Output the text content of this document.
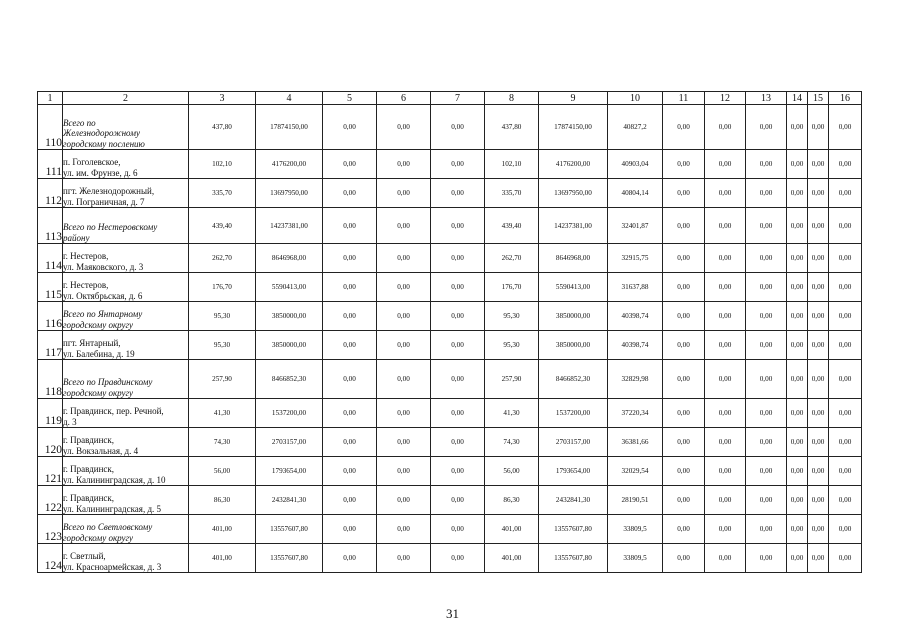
1	2	3	4	5	6	7	8	9	10	11	12	13	14	15	16
110	Всего по
Железнодорожному
городскому послению	437,80	17874150,00	0,00	0,00	0,00	437,80	17874150,00	40827,2	0,00	0,00	0,00	0,00	0,00	0,00
111	п. Гоголевское,
ул. им. Фрунзе, д. 6	102,10	4176200,00	0,00	0,00	0,00	102,10	4176200,00	40903,04	0,00	0,00	0,00	0,00	0,00	0,00
112	пгт. Железнодорожный,
ул. Пограничная, д. 7	335,70	13697950,00	0,00	0,00	0,00	335,70	13697950,00	40804,14	0,00	0,00	0,00	0,00	0,00	0,00
113	Всего по Нестеровскому
району	439,40	14237381,00	0,00	0,00	0,00	439,40	14237381,00	32401,87	0,00	0,00	0,00	0,00	0,00	0,00
114	г. Нестеров,
ул. Маяковского, д. 3	262,70	8646968,00	0,00	0,00	0,00	262,70	8646968,00	32915,75	0,00	0,00	0,00	0,00	0,00	0,00
115	г. Нестеров,
ул. Октябрьская, д. 6	176,70	5590413,00	0,00	0,00	0,00	176,70	5590413,00	31637,88	0,00	0,00	0,00	0,00	0,00	0,00
116	Всего по Янтарному
городскому округу	95,30	3850000,00	0,00	0,00	0,00	95,30	3850000,00	40398,74	0,00	0,00	0,00	0,00	0,00	0,00
117	пгт. Янтарный,
ул. Балебина, д. 19	95,30	3850000,00	0,00	0,00	0,00	95,30	3850000,00	40398,74	0,00	0,00	0,00	0,00	0,00	0,00
118	Всего по Правдинскому
городскому округу	257,90	8466852,30	0,00	0,00	0,00	257,90	8466852,30	32829,98	0,00	0,00	0,00	0,00	0,00	0,00
119	г. Правдинск, пер. Речной,
д. 3	41,30	1537200,00	0,00	0,00	0,00	41,30	1537200,00	37220,34	0,00	0,00	0,00	0,00	0,00	0,00
120	г. Правдинск,
ул. Вокзальная, д. 4	74,30	2703157,00	0,00	0,00	0,00	74,30	2703157,00	36381,66	0,00	0,00	0,00	0,00	0,00	0,00
121	г. Правдинск,
ул. Калининградская, д. 10	56,00	1793654,00	0,00	0,00	0,00	56,00	1793654,00	32029,54	0,00	0,00	0,00	0,00	0,00	0,00
122	г. Правдинск,
ул. Калининградская, д. 5	86,30	2432841,30	0,00	0,00	0,00	86,30	2432841,30	28190,51	0,00	0,00	0,00	0,00	0,00	0,00
123	Всего по Светловскому
городскому округу	401,00	13557607,80	0,00	0,00	0,00	401,00	13557607,80	33809,5	0,00	0,00	0,00	0,00	0,00	0,00
124	г. Светлый,
ул. Красноармейская, д. 3	401,00	13557607,80	0,00	0,00	0,00	401,00	13557607,80	33809,5	0,00	0,00	0,00	0,00	0,00	0,00
31
